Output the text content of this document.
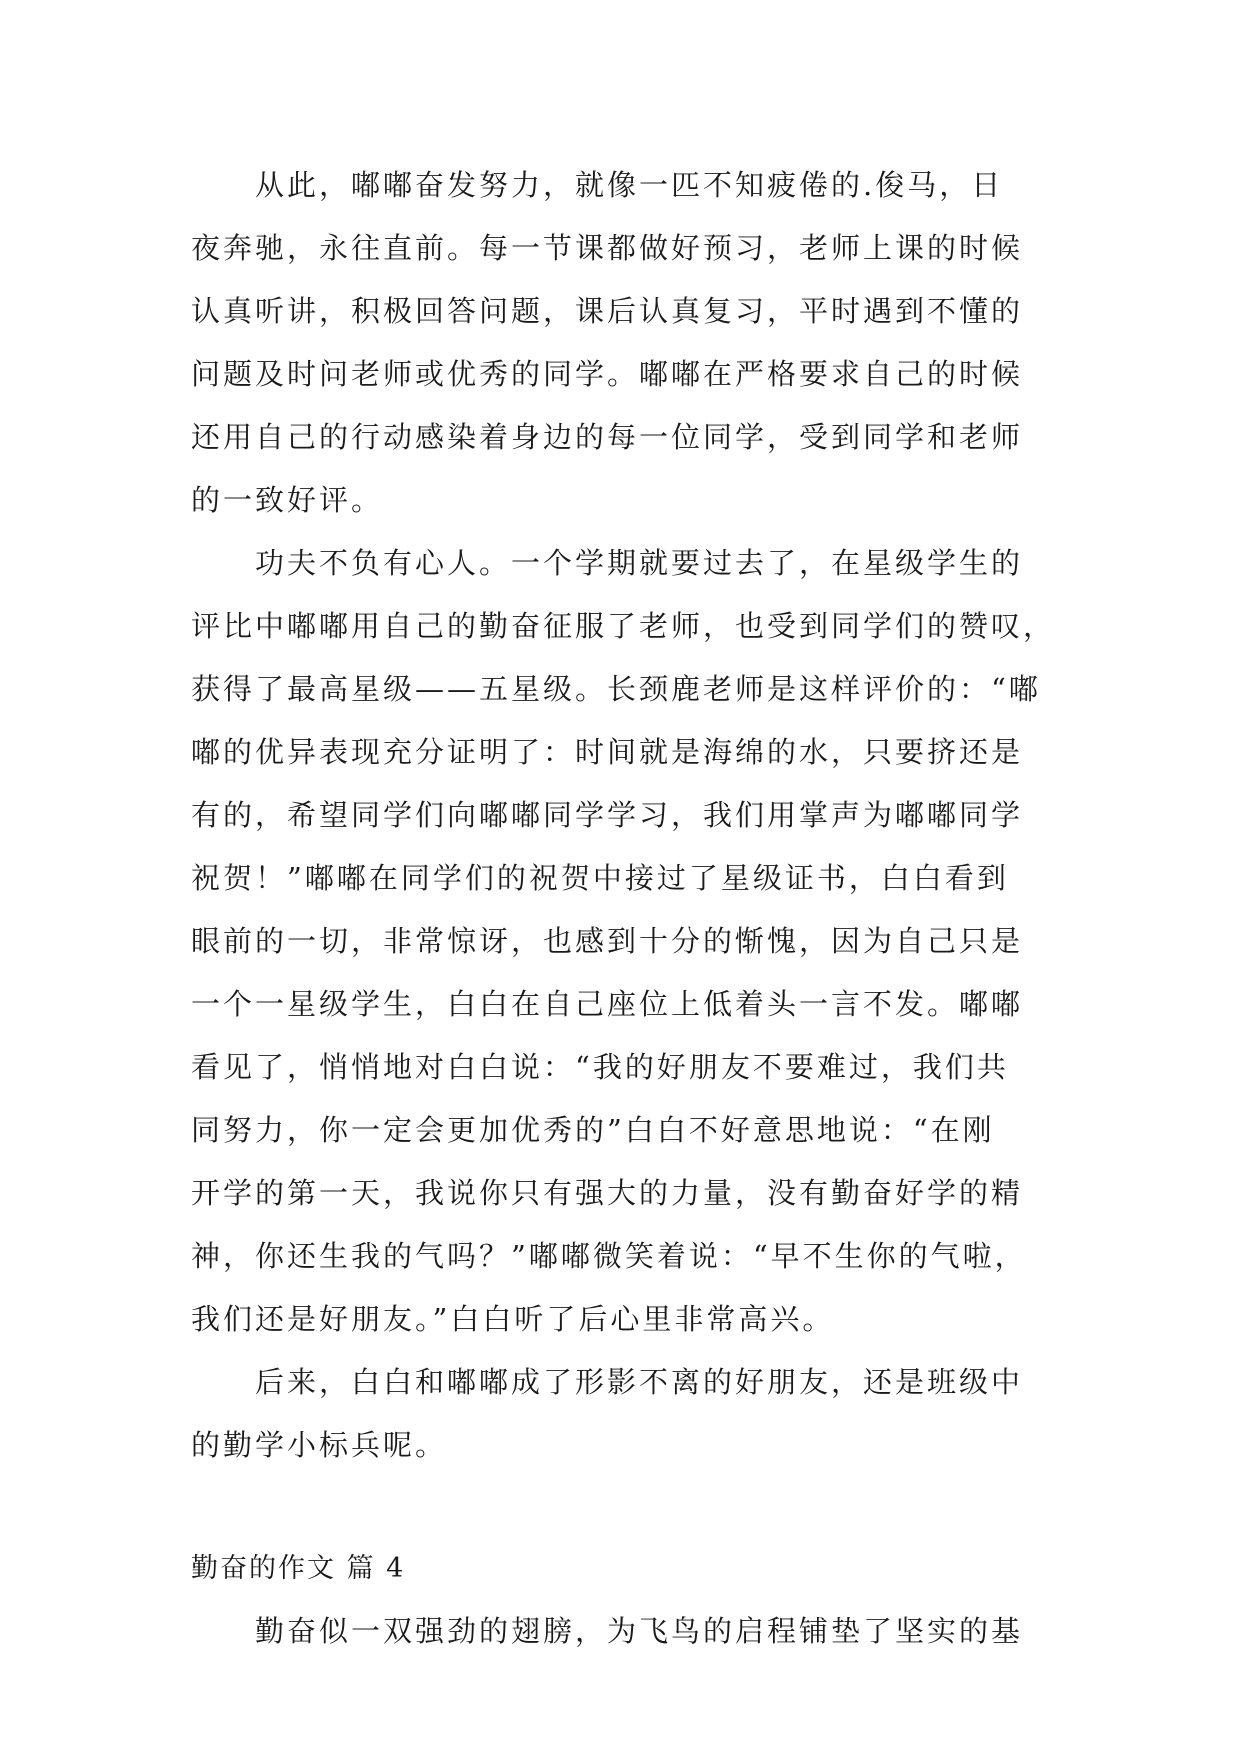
从此，嘟嘟奋发努力，就像一匹不知疲倦的.俊马，日
夜奔驰，永往直前。每一节课都做好预习，老师上课的时候
认真听讲，积极回答问题，课后认真复习，平时遇到不懂的
问题及时问老师或优秀的同学。嘟嘟在严格要求自己的时候
还用自己的行动感染着身边的每一位同学，受到同学和老师
的一致好评。

功夫不负有心人。一个学期就要过去了，在星级学生的
评比中嘟嘟用自己的勤奋征服了老师，也受到同学们的赞叹，
获得了最高星级——五星级。长颈鹿老师是这样评价的：“嘟
嘟的优异表现充分证明了：时间就是海绵的水，只要挤还是
有的，希望同学们向嘟嘟同学学习，我们用掌声为嘟嘟同学
祝贺！”嘟嘟在同学们的祝贺中接过了星级证书，白白看到
眼前的一切，非常惊讶，也感到十分的惭愧，因为自己只是
一个一星级学生，白白在自己座位上低着头一言不发。嘟嘟
看见了，悄悄地对白白说：“我的好朋友不要难过，我们共
同努力，你一定会更加优秀的”白白不好意思地说：“在刚
开学的第一天，我说你只有强大的力量，没有勤奋好学的精
神，你还生我的气吗？”嘟嘟微笑着说：“早不生你的气啦，
我们还是好朋友。”白白听了后心里非常高兴。

后来，白白和嘟嘟成了形影不离的好朋友，还是班级中
的勤学小标兵呢。

勤奋的作文 篇 4

勤奋似一双强劲的翅膀，为飞鸟的启程铺垫了坚实的基
